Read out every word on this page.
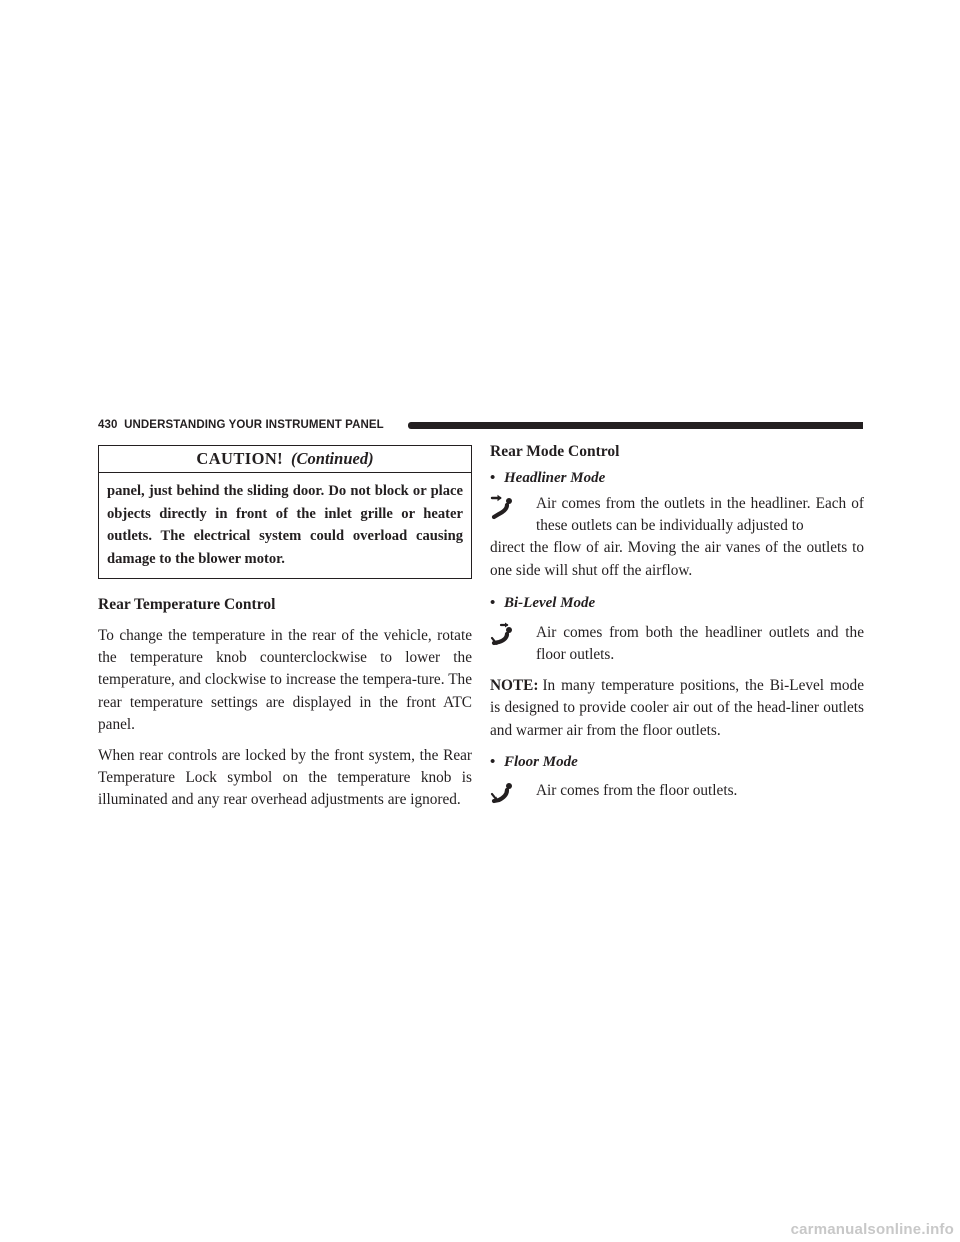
430 UNDERSTANDING YOUR INSTRUMENT PANEL
CAUTION! (Continued)
panel, just behind the sliding door. Do not block or place objects directly in front of the inlet grille or heater outlets. The electrical system could overload causing damage to the blower motor.
Rear Temperature Control

To change the temperature in the rear of the vehicle, rotate the temperature knob counterclockwise to lower the temperature, and clockwise to increase the tempera-ture. The rear temperature settings are displayed in the front ATC panel.

When rear controls are locked by the front system, the Rear Temperature Lock symbol on the temperature knob is illuminated and any rear overhead adjustments are ignored.

Rear Mode Control
• Headliner Mode
Air comes from the outlets in the headliner. Each of these outlets can be individually adjusted to
direct the flow of air. Moving the air vanes of the outlets to one side will shut off the airflow.
• Bi-Level Mode
Air comes from both the headliner outlets and the floor outlets.
NOTE: In many temperature positions, the Bi-Level mode is designed to provide cooler air out of the head-liner outlets and warmer air from the floor outlets.
• Floor Mode
Air comes from the floor outlets.
carmanualsonline.info
